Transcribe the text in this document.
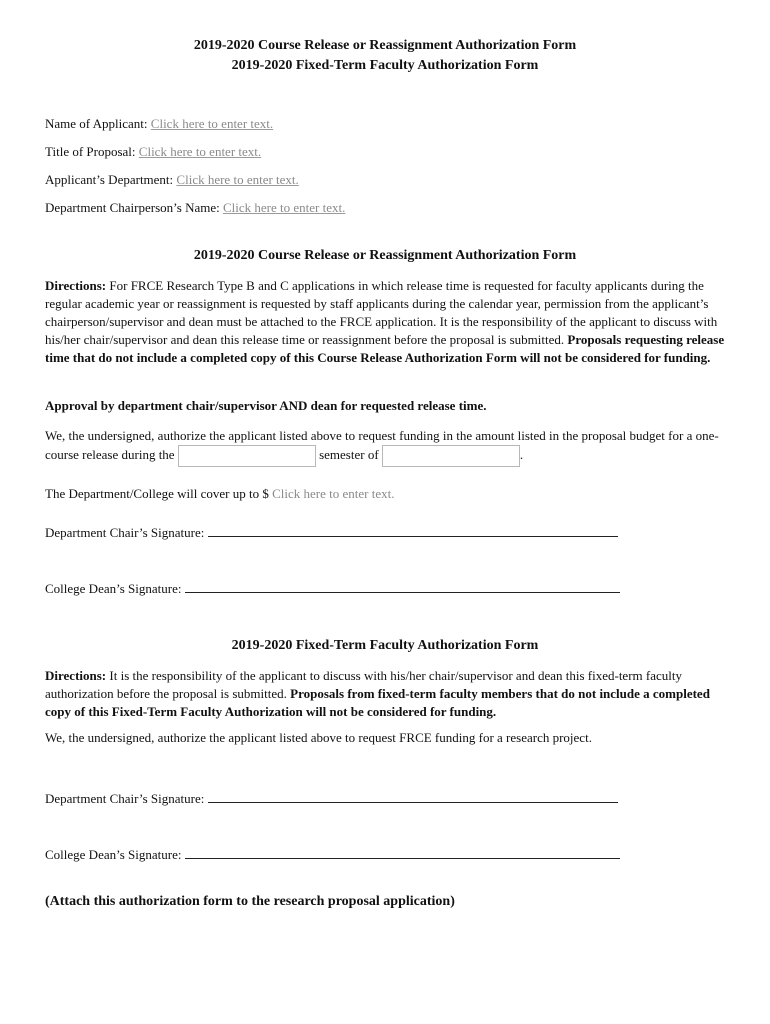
2019-2020 Course Release or Reassignment Authorization Form
2019-2020 Fixed-Term Faculty Authorization Form
Name of Applicant: Click here to enter text.
Title of Proposal: Click here to enter text.
Applicant’s Department: Click here to enter text.
Department Chairperson’s Name: Click here to enter text.
2019-2020 Course Release or Reassignment Authorization Form
Directions: For FRCE Research Type B and C applications in which release time is requested for faculty applicants during the regular academic year or reassignment is requested by staff applicants during the calendar year, permission from the applicant’s chairperson/supervisor and dean must be attached to the FRCE application. It is the responsibility of the applicant to discuss with his/her chair/supervisor and dean this release time or reassignment before the proposal is submitted. Proposals requesting release time that do not include a completed copy of this Course Release Authorization Form will not be considered for funding.
Approval by department chair/supervisor AND dean for requested release time.
We, the undersigned, authorize the applicant listed above to request funding in the amount listed in the proposal budget for a one-course release during the	semester of	.
The Department/College will cover up to $ Click here to enter text.
Department Chair’s Signature:
College Dean’s Signature:
2019-2020 Fixed-Term Faculty Authorization Form
Directions: It is the responsibility of the applicant to discuss with his/her chair/supervisor and dean this fixed-term faculty authorization before the proposal is submitted. Proposals from fixed-term faculty members that do not include a completed copy of this Fixed-Term Faculty Authorization will not be considered for funding.
We, the undersigned, authorize the applicant listed above to request FRCE funding for a research project.
Department Chair’s Signature:
College Dean’s Signature:
(Attach this authorization form to the research proposal application)
